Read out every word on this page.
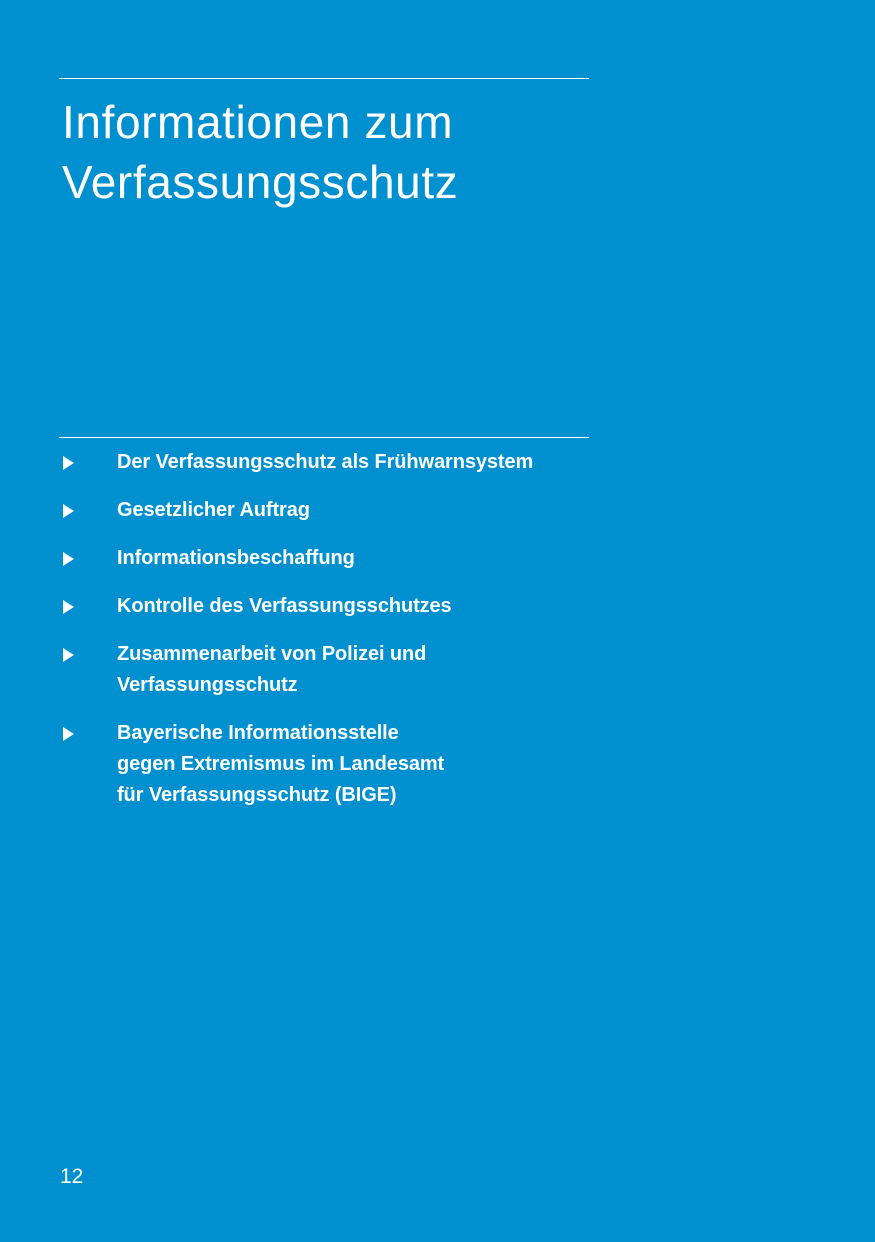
Informationen zum
Verfassungsschutz
Der Verfassungsschutz als Frühwarnsystem
Gesetzlicher Auftrag
Informationsbeschaffung
Kontrolle des Verfassungsschutzes
Zusammenarbeit von Polizei und
Verfassungsschutz
Bayerische Informationsstelle
gegen Extremismus im Landesamt
für Verfassungsschutz (BIGE)
12
